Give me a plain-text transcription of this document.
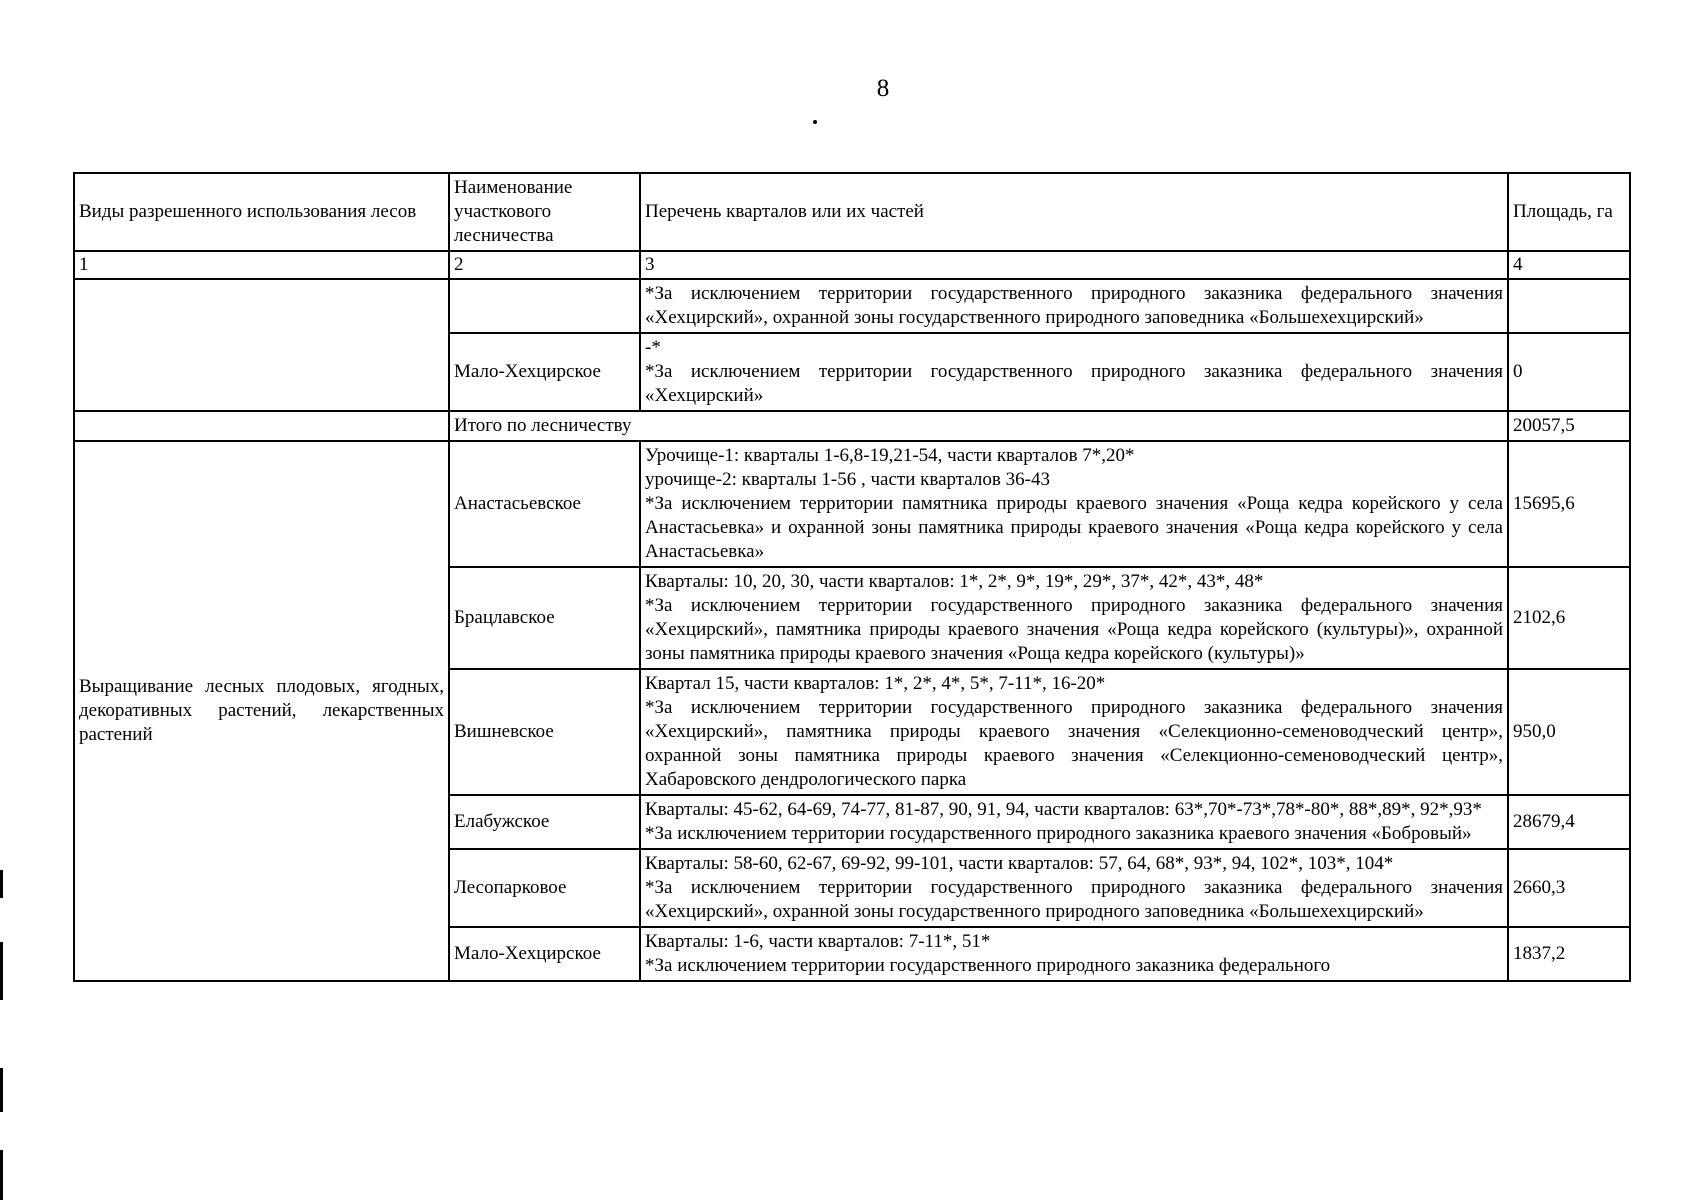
8
Виды разрешенного использования лесов	Наименование участкового лесничества	Перечень кварталов или их частей	Площадь, га
1	2	3	4

		*За исключением территории государственного природного заказника федерального значения «Хехцирский», охранной зоны государственного природного заповедника «Большехехцирский»	

	Мало-Хехцирское	-*
*За исключением территории государственного природного заказника федерального значения «Хехцирский»	0
	Итого по лесничеству		20057,5
Выращивание лесных плодовых, ягодных, декоративных растений, лекарственных растений	Анастасьевское	Урочище-1: кварталы 1-6,8-19,21-54, части кварталов 7*,20*
урочище-2: кварталы 1-56 , части кварталов 36-43
*За исключением территории памятника природы краевого значения «Роща кедра корейского у села Анастасьевка» и охранной зоны памятника природы краевого значения «Роща кедра корейского у села Анастасьевка»	15695,6
	Брацлавское	Кварталы: 10, 20, 30, части кварталов: 1*, 2*, 9*, 19*, 29*, 37*, 42*, 43*, 48*
*За исключением территории государственного природного заказника федерального значения «Хехцирский», памятника природы краевого значения «Роща кедра корейского (культуры)», охранной зоны памятника природы краевого значения «Роща кедра корейского (культуры)»	2102,6
	Вишневское	Квартал 15, части кварталов: 1*, 2*, 4*, 5*, 7-11*, 16-20*
*За исключением территории государственного природного заказника федерального значения «Хехцирский», памятника природы краевого значения «Селекционно-семеноводческий центр», охранной зоны памятника природы краевого значения «Селекционно-семеноводческий центр», Хабаровского дендрологического парка	950,0
	Елабужское	Кварталы: 45-62, 64-69, 74-77, 81-87, 90, 91, 94, части кварталов: 63*,70*-73*,78*-80*, 88*,89*, 92*,93*
*За исключением территории государственного природного заказника краевого значения «Бобровый»	28679,4
	Лесопарковое	Кварталы: 58-60, 62-67, 69-92, 99-101, части кварталов: 57, 64, 68*, 93*, 94, 102*, 103*, 104*
*За исключением территории государственного природного заказника федерального значения «Хехцирский», охранной зоны государственного природного заповедника «Большехехцирский»	2660,3
	Мало-Хехцирское	Кварталы: 1-6, части кварталов: 7-11*, 51*
*За исключением территории государственного природного заказника федерального	1837,2
